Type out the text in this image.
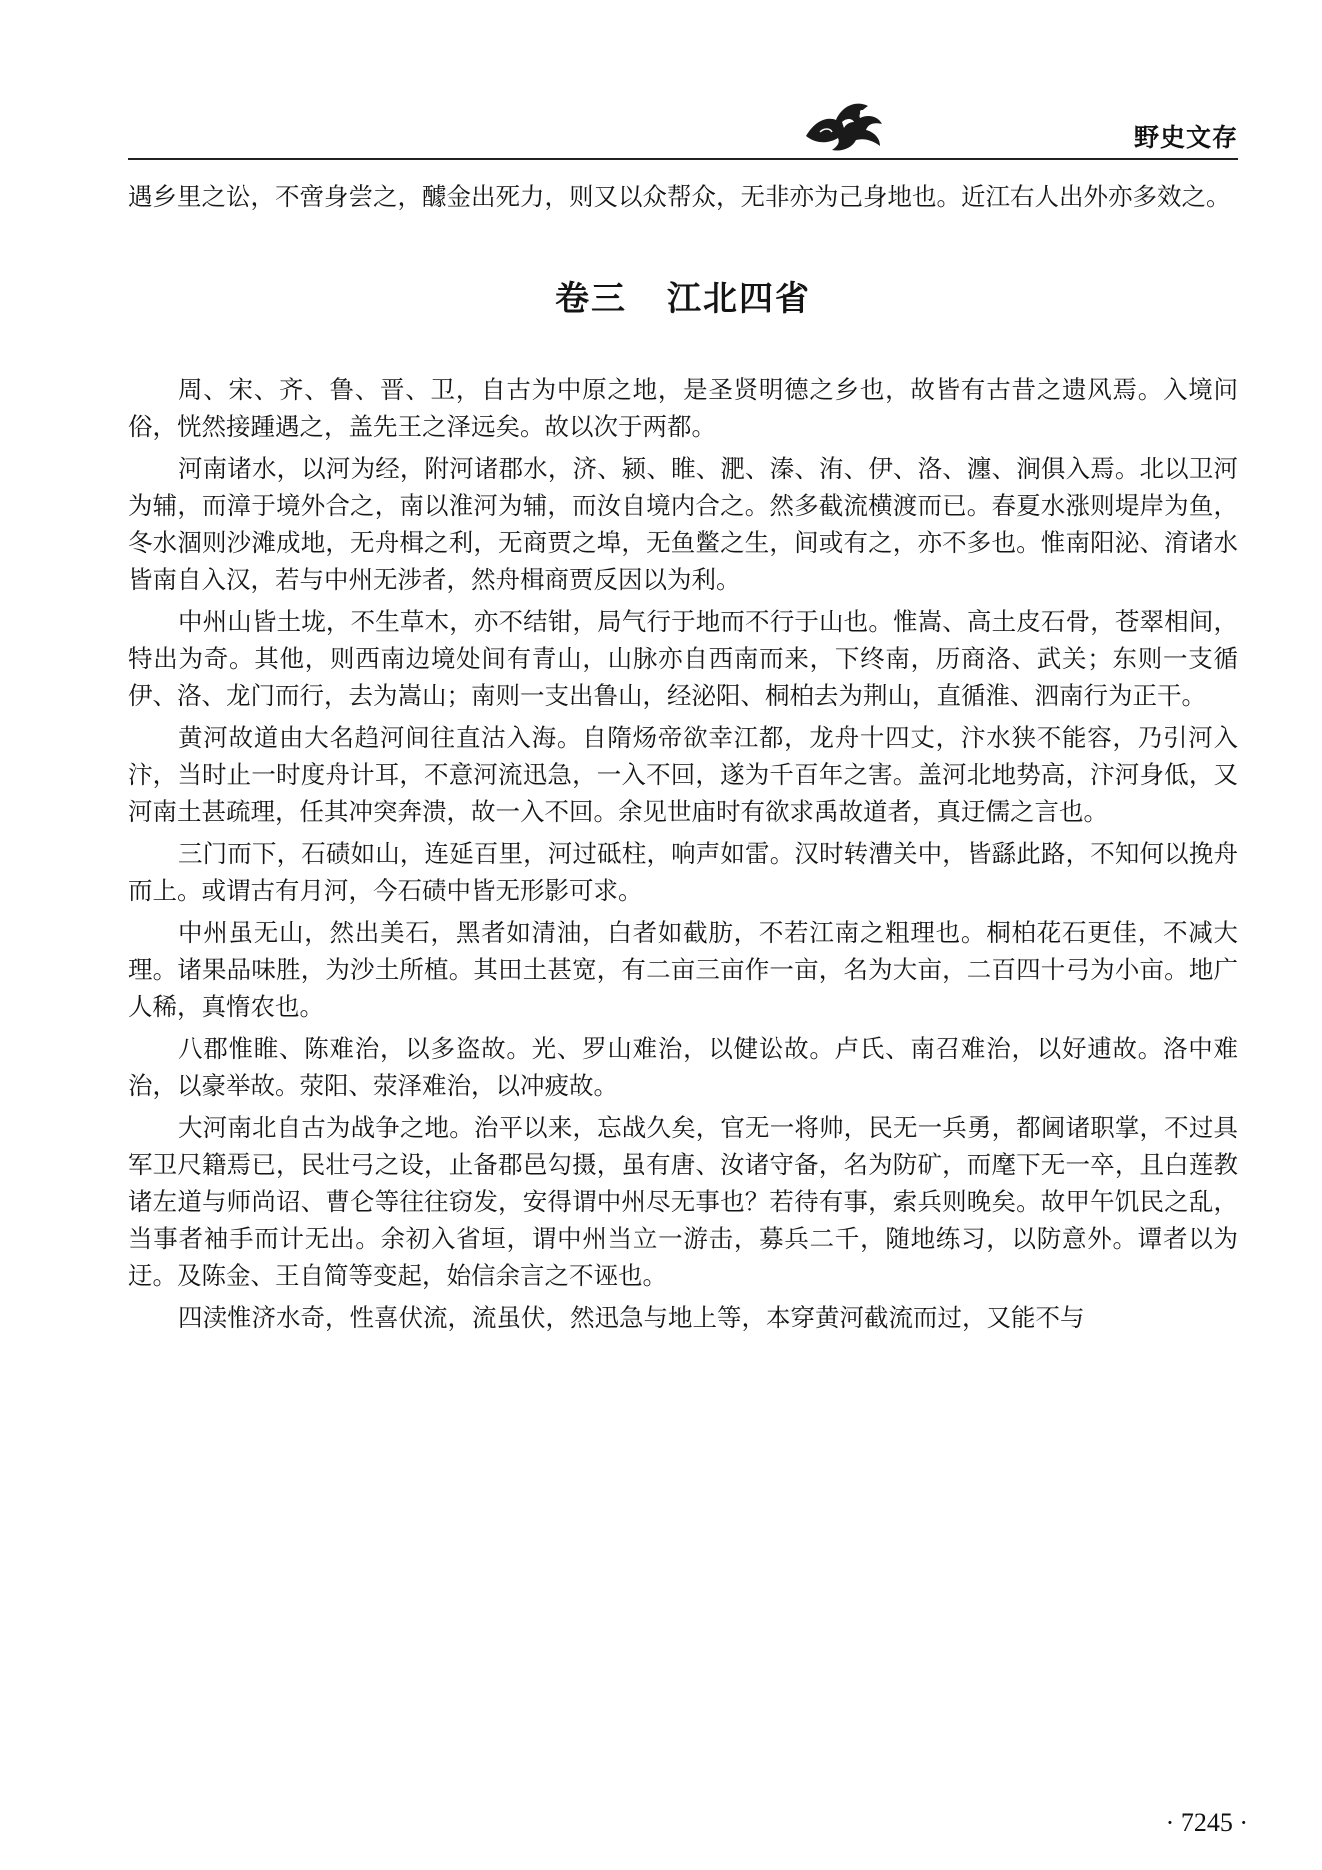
野史文存

遇乡里之讼，不啻身尝之，醵金出死力，则又以众帮众，无非亦为己身地也。近江右人出外亦多效之。

卷三 江北四省

周、宋、齐、鲁、晋、卫，自古为中原之地，是圣贤明德之乡也，故皆有古昔之遗风焉。入境问俗，恍然接踵遇之，盖先王之泽远矣。故以次于两都。

河南诸水，以河为经，附河诸郡水，济、颍、睢、淝、溱、洧、伊、洛、瀍、涧俱入焉。北以卫河为辅，而漳于境外合之，南以淮河为辅，而汝自境内合之。然多截流横渡而已。春夏水涨则堤岸为鱼，冬水涸则沙滩成地，无舟楫之利，无商贾之埠，无鱼鳖之生，间或有之，亦不多也。惟南阳泌、淯诸水皆南自入汉，若与中州无涉者，然舟楫商贾反因以为利。

中州山皆土垅，不生草木，亦不结钳，局气行于地而不行于山也。惟嵩、高土皮石骨，苍翠相间，特出为奇。其他，则西南边境处间有青山，山脉亦自西南而来，下终南，历商洛、武关；东则一支循伊、洛、龙门而行，去为嵩山；南则一支出鲁山，经泌阳、桐柏去为荆山，直循淮、泗南行为正干。

黄河故道由大名趋河间往直沽入海。自隋炀帝欲幸江都，龙舟十四丈，汴水狭不能容，乃引河入汴，当时止一时度舟计耳，不意河流迅急，一入不回，遂为千百年之害。盖河北地势高，汴河身低，又河南土甚疏理，任其冲突奔溃，故一入不回。余见世庙时有欲求禹故道者，真迂儒之言也。

三门而下，石碛如山，连延百里，河过砥柱，响声如雷。汉时转漕关中，皆繇此路，不知何以挽舟而上。或谓古有月河，今石碛中皆无形影可求。

中州虽无山，然出美石，黑者如清油，白者如截肪，不若江南之粗理也。桐柏花石更佳，不减大理。诸果品味胜，为沙土所植。其田土甚宽，有二亩三亩作一亩，名为大亩，二百四十弓为小亩。地广人稀，真惰农也。

八郡惟睢、陈难治，以多盗故。光、罗山难治，以健讼故。卢氏、南召难治，以好逋故。洛中难治，以豪举故。荥阳、荥泽难治，以冲疲故。

大河南北自古为战争之地。治平以来，忘战久矣，官无一将帅，民无一兵勇，都阃诸职掌，不过具军卫尺籍焉已，民壮弓之设，止备郡邑勾摄，虽有唐、汝诸守备，名为防矿，而麾下无一卒，且白莲教诸左道与师尚诏、曹仑等往往窃发，安得谓中州尽无事也？若待有事，索兵则晚矣。故甲午饥民之乱，当事者袖手而计无出。余初入省垣，谓中州当立一游击，募兵二千，随地练习，以防意外。谭者以为迂。及陈金、王自简等变起，始信余言之不诬也。

四渎惟济水奇，性喜伏流，流虽伏，然迅急与地上等，本穿黄河截流而过，又能不与

· 7245 ·
